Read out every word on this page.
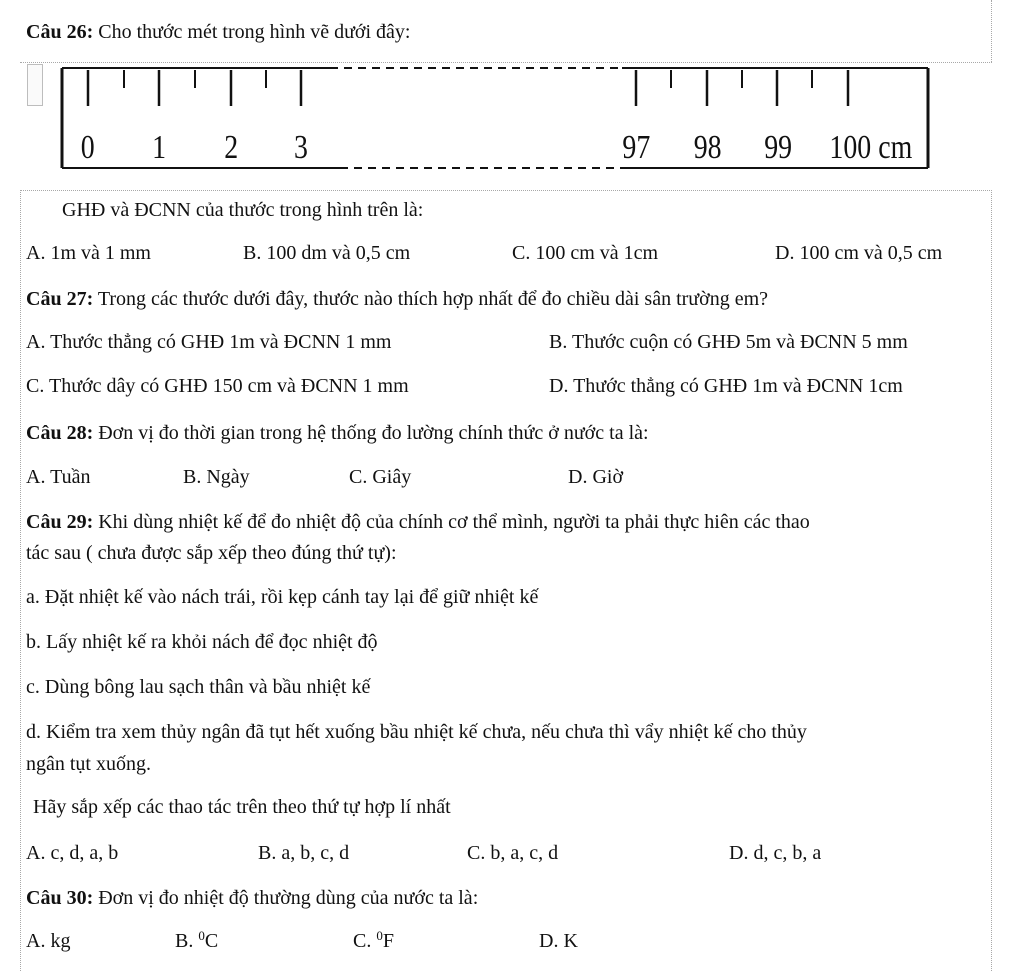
Câu 26: Cho thước mét trong hình vẽ dưới đây:
0 1 2 3	97 98 99 100 cm
GHĐ và ĐCNN của thước trong hình trên là:
A. 1m và 1 mm	B. 100 dm và 0,5 cm	C. 100 cm và 1cm	D. 100 cm và 0,5 cm
Câu 27: Trong các thước dưới đây, thước nào thích hợp nhất để đo chiều dài sân trường em?
A. Thước thẳng có GHĐ 1m và ĐCNN 1 mm	B. Thước cuộn có GHĐ 5m và ĐCNN 5 mm
C. Thước dây có GHĐ 150 cm và ĐCNN 1 mm	D. Thước thẳng có GHĐ 1m và ĐCNN 1cm
Câu 28: Đơn vị đo thời gian trong hệ thống đo lường chính thức ở nước ta là:
A. Tuần	B. Ngày	C. Giây	D. Giờ
Câu 29: Khi dùng nhiệt kế để đo nhiệt độ của chính cơ thể mình, người ta phải thực hiên các thao
tác sau ( chưa được sắp xếp theo đúng thứ tự):
a. Đặt nhiệt kế vào nách trái, rồi kẹp cánh tay lại để giữ nhiệt kế
b. Lấy nhiệt kế ra khỏi nách để đọc nhiệt độ
c. Dùng bông lau sạch thân và bầu nhiệt kế
d. Kiểm tra xem thủy ngân đã tụt hết xuống bầu nhiệt kế chưa, nếu chưa thì vẩy nhiệt kế cho thủy
ngân tụt xuống.
Hãy sắp xếp các thao tác trên theo thứ tự hợp lí nhất
A. c, d, a, b	B. a, b, c, d	C. b, a, c, d	D. d, c, b, a
Câu 30: Đơn vị đo nhiệt độ thường dùng của nước ta là:
A. kg	B. $^0$C	C. $^0$F	D. K
